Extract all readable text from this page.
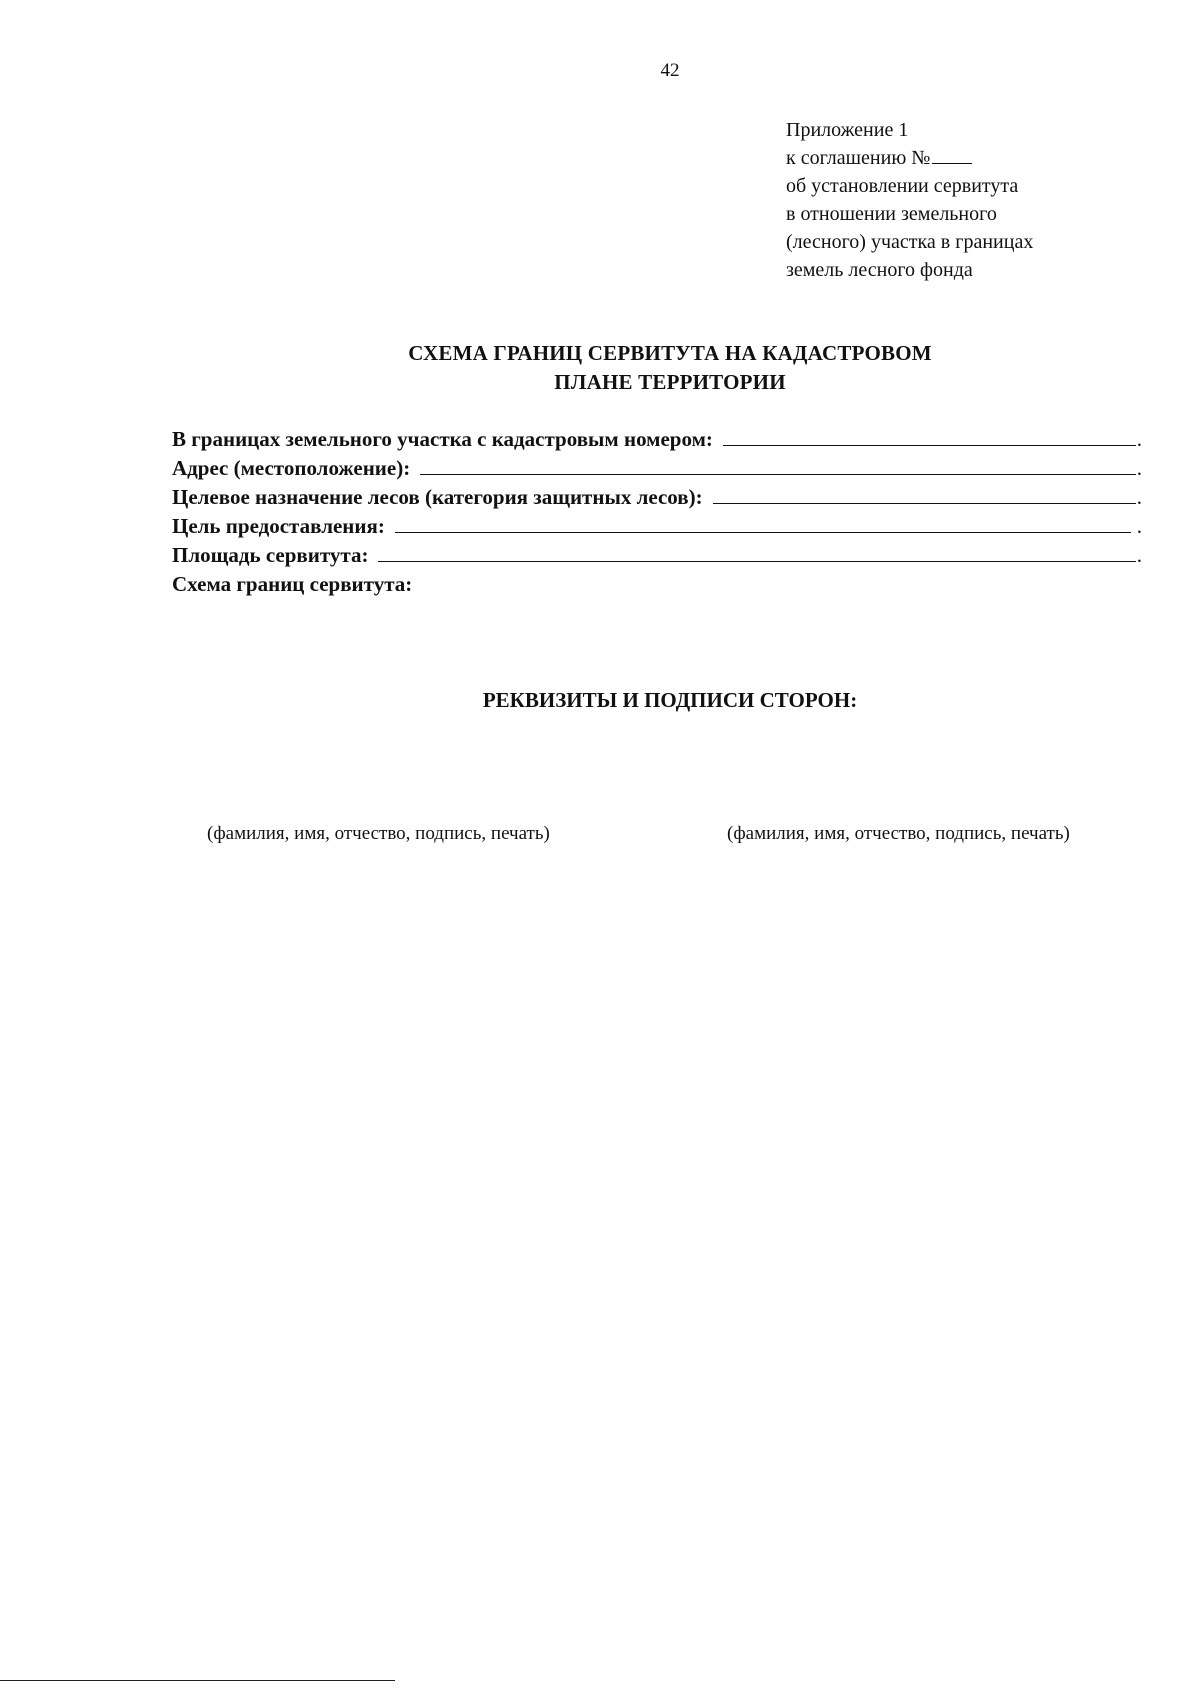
42
Приложение 1
к соглашению №
об установлении сервитута
в отношении земельного
(лесного) участка в границах
земель лесного фонда
СХЕМА ГРАНИЦ СЕРВИТУТА НА КАДАСТРОВОМ
ПЛАНЕ ТЕРРИТОРИИ
В границах земельного участка с кадастровым номером:	.
Адрес (местоположение):	.
Целевое назначение лесов (категория защитных лесов):	.
Цель предоставления:	.
Площадь сервитута:	.
Схема границ сервитута:
РЕКВИЗИТЫ И ПОДПИСИ СТОРОН:
(фамилия, имя, отчество, подпись, печать)	(фамилия, имя, отчество, подпись, печать)
